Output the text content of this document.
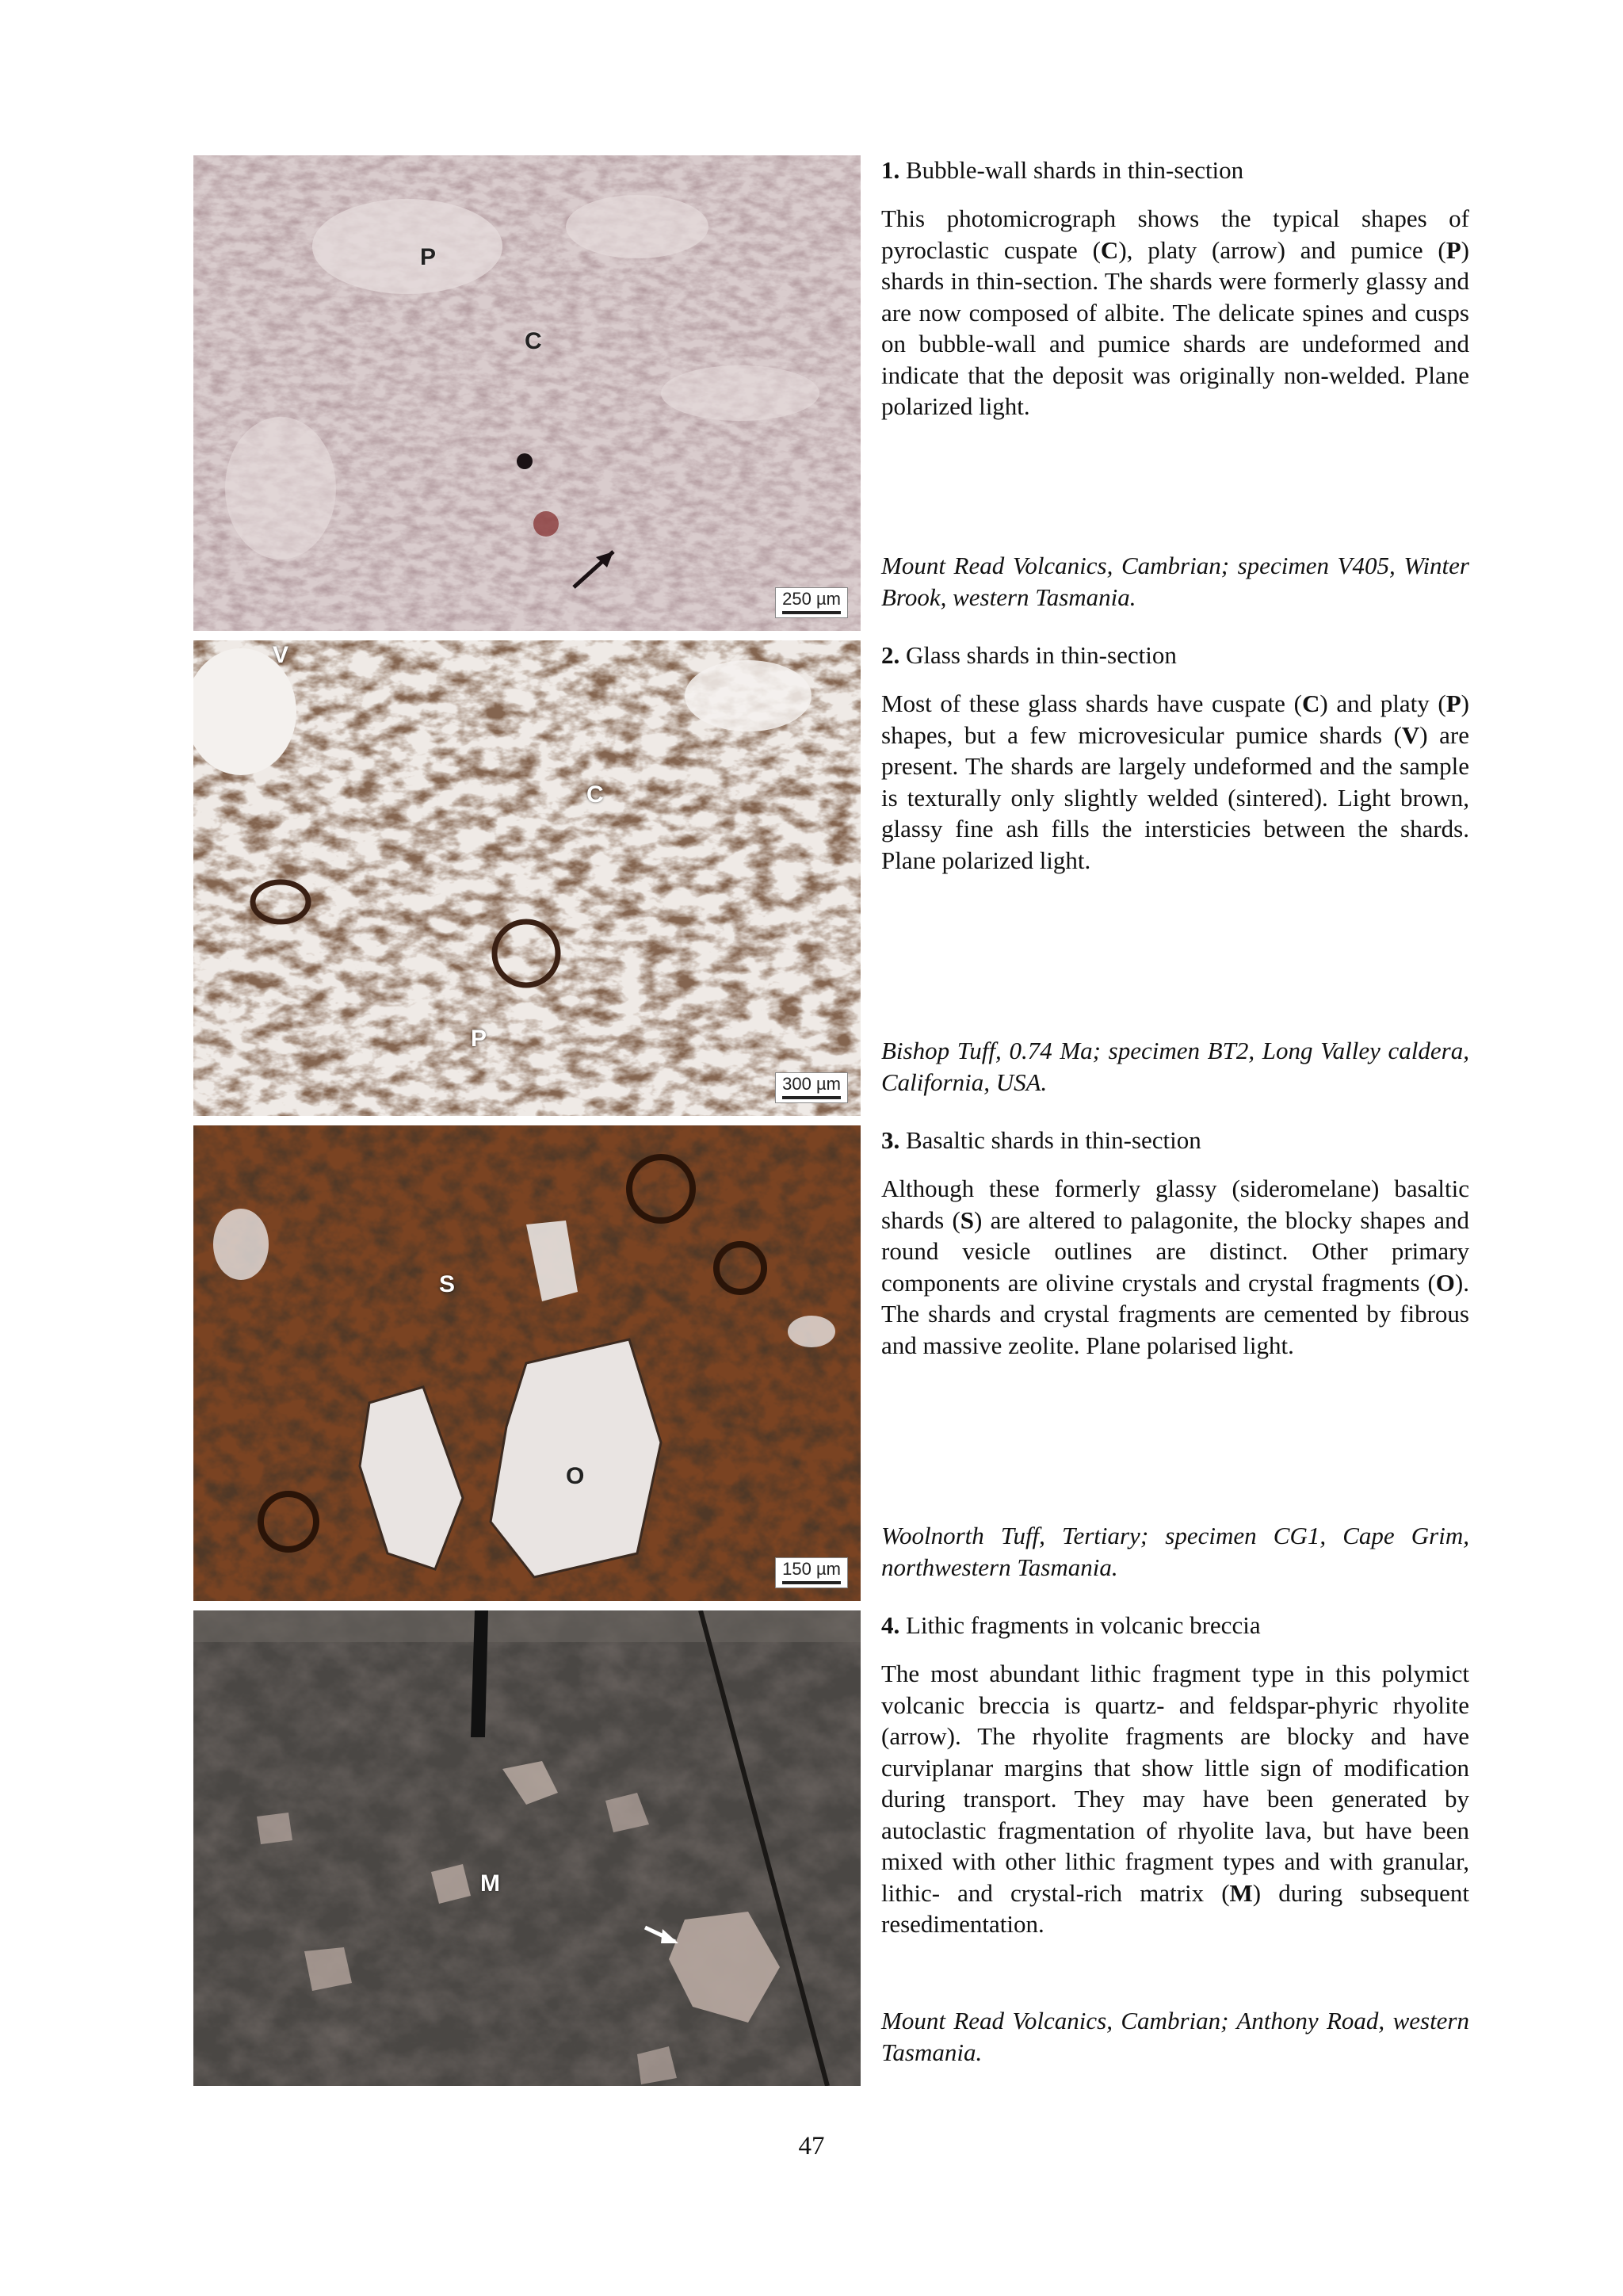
P
C
250 µm
1. Bubble-wall shards in thin-section
This photomicrograph shows the typical shapes of pyroclastic cuspate (C), platy (arrow) and pumice (P) shards in thin-section. The shards were formerly glassy and are now composed of albite. The delicate spines and cusps on bubble-wall and pumice shards are undeformed and indicate that the deposit was originally non-welded. Plane polarized light.
Mount Read Volcanics, Cambrian; specimen V405, Winter Brook, western Tasmania.
V
C
P
300 µm
2. Glass shards in thin-section
Most of these glass shards have cuspate (C) and platy (P) shapes, but a few microvesicular pumice shards (V) are present. The shards are largely undeformed and the sample is texturally only slightly welded (sintered). Light brown, glassy fine ash fills the intersticies between the shards. Plane polarized light.
Bishop Tuff, 0.74 Ma; specimen BT2, Long Valley caldera, California, USA.
S
O
150 µm
3. Basaltic shards in thin-section
Although these formerly glassy (sideromelane) basaltic shards (S) are altered to palagonite, the blocky shapes and round vesicle outlines are distinct. Other primary components are olivine crystals and crystal fragments (O). The shards and crystal fragments are cemented by fibrous and massive zeolite. Plane polarised light.
Woolnorth Tuff, Tertiary; specimen CG1, Cape Grim, northwestern Tasmania.
M
4. Lithic fragments in volcanic breccia
The most abundant lithic fragment type in this polymict volcanic breccia is quartz- and feldspar-phyric rhyolite (arrow). The rhyolite fragments are blocky and have curviplanar margins that show little sign of modification during transport. They may have been generated by autoclastic fragmentation of rhyolite lava, but have been mixed with other lithic fragment types and with granular, lithic- and crystal-rich matrix (M) during subsequent resedimentation.
Mount Read Volcanics, Cambrian; Anthony Road, western Tasmania.
47
